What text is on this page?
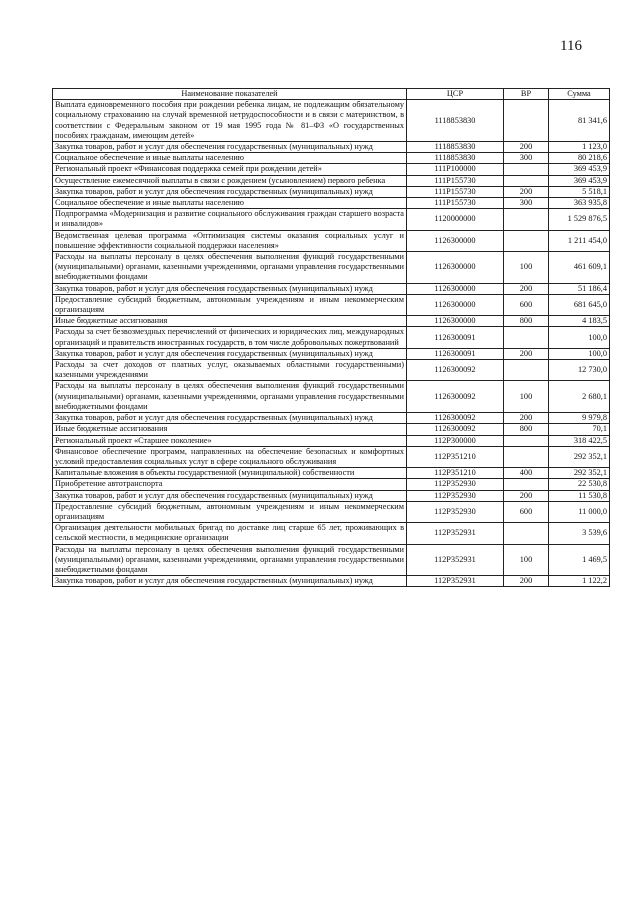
116
Наименование показателей	ЦСР	ВР	Сумма
Выплата единовременного пособия при рождении ребенка лицам, не подлежащим обязательному социальному страхованию на случай временной нетрудоспособности и в связи с материнством, в соответствии с Федеральным законом от 19 мая 1995 года № 81–ФЗ «О государственных пособиях гражданам, имеющим детей»	1118853830		81 341,6
Закупка товаров, работ и услуг для обеспечения государственных (муниципальных) нужд	1118853830	200	1 123,0
Социальное обеспечение и иные выплаты населению	1118853830	300	80 218,6
Региональный проект «Финансовая поддержка семей при рождении детей»	111P100000		369 453,9
Осуществление ежемесячной выплаты в связи с рождением (усыновлением) первого ребенка	111P155730		369 453,9
Закупка товаров, работ и услуг для обеспечения государственных (муниципальных) нужд	111P155730	200	5 518,1
Социальное обеспечение и иные выплаты населению	111P155730	300	363 935,8
Подпрограмма «Модернизация и развитие социального обслуживания граждан старшего возраста и инвалидов»	1120000000		1 529 876,5
Ведомственная целевая программа «Оптимизация системы оказания социальных услуг и повышение эффективности социальной поддержки населения»	1126300000		1 211 454,0
Расходы на выплаты персоналу в целях обеспечения выполнения функций государственными (муниципальными) органами, казенными учреждениями, органами управления государственными внебюджетными фондами	1126300000	100	461 609,1
Закупка товаров, работ и услуг для обеспечения государственных (муниципальных) нужд	1126300000	200	51 186,4
Предоставление субсидий бюджетным, автономным учреждениям и иным некоммерческим организациям	1126300000	600	681 645,0
Иные бюджетные ассигнования	1126300000	800	4 183,5
Расходы за счет безвозмездных перечислений от физических и юридических лиц, международных организаций и правительств иностранных государств, в том числе добровольных пожертвований	1126300091		100,0
Закупка товаров, работ и услуг для обеспечения государственных (муниципальных) нужд	1126300091	200	100,0
Расходы за счет доходов от платных услуг, оказываемых областными государственными) казенными учреждениями	1126300092		12 730,0
Расходы на выплаты персоналу в целях обеспечения выполнения функций государственными (муниципальными) органами, казенными учреждениями, органами управления государственными внебюджетными фондами	1126300092	100	2 680,1
Закупка товаров, работ и услуг для обеспечения государственных (муниципальных) нужд	1126300092	200	9 979,8
Иные бюджетные ассигнования	1126300092	800	70,1
Региональный проект «Старшее поколение»	112P300000		318 422,5
Финансовое обеспечение программ, направленных на обеспечение безопасных и комфортных условий предоставления социальных услуг в сфере социального обслуживания	112P351210		292 352,1
Капитальные вложения в объекты государственной (муниципальной) собственности	112P351210	400	292 352,1
Приобретение автотранспорта	112P352930		22 530,8
Закупка товаров, работ и услуг для обеспечения государственных (муниципальных) нужд	112P352930	200	11 530,8
Предоставление субсидий бюджетным, автономным учреждениям и иным некоммерческим организациям	112P352930	600	11 000,0
Организация деятельности мобильных бригад по доставке лиц старше 65 лет, проживающих в сельской местности, в медицинские организации	112P352931		3 539,6
Расходы на выплаты персоналу в целях обеспечения выполнения функций государственными (муниципальными) органами, казенными учреждениями, органами управления государственными внебюджетными фондами	112P352931	100	1 469,5
Закупка товаров, работ и услуг для обеспечения государственных (муниципальных) нужд	112P352931	200	1 122,2
